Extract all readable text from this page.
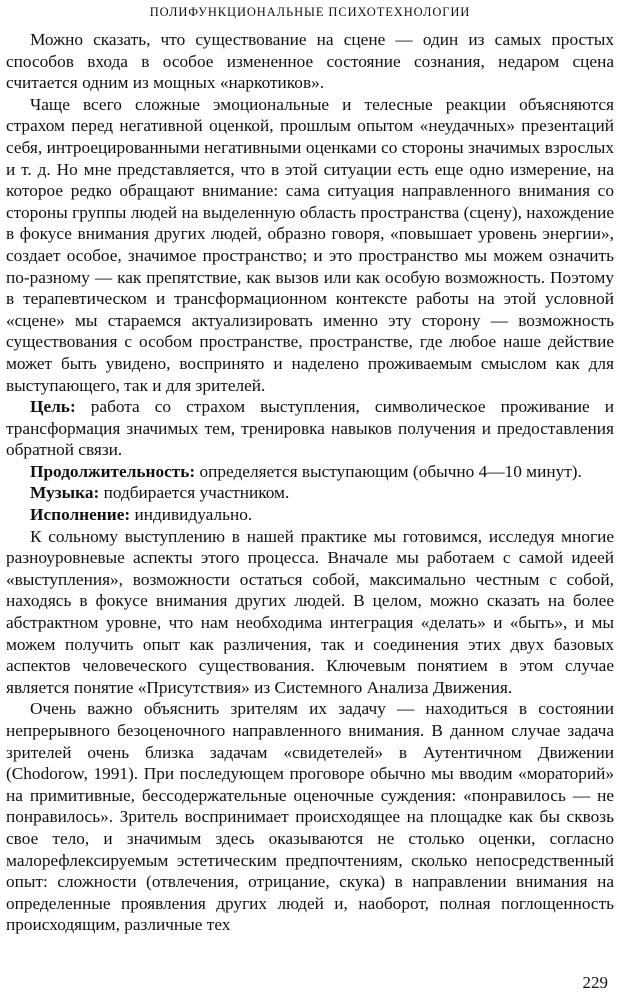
ПОЛИФУНКЦИОНАЛЬНЫЕ ПСИХОТЕХНОЛОГИИ

Можно сказать, что существование на сцене — один из самых простых способов входа в особое измененное состояние сознания, недаром сцена считается одним из мощных «наркотиков».

Чаще всего сложные эмоциональные и телесные реакции объясняются страхом перед негативной оценкой, прошлым опытом «неудачных» презентаций себя, интроецированными негативными оценками со стороны значимых взрослых и т. д. Но мне представляется, что в этой ситуации есть еще одно измерение, на которое редко обращают внимание: сама ситуация направленного внимания со стороны группы людей на выделенную область пространства (сцену), нахождение в фокусе внимания других людей, образно говоря, «повышает уровень энергии», создает особое, значимое пространство; и это пространство мы можем означить по-разному — как препятствие, как вызов или как особую возможность. Поэтому в терапевтическом и трансформационном контексте работы на этой условной «сцене» мы стараемся актуализировать именно эту сторону — возможность существования с особом пространстве, пространстве, где любое наше действие может быть увидено, воспринято и наделено проживаемым смыслом как для выступающего, так и для зрителей.

Цель: работа со страхом выступления, символическое проживание и трансформация значимых тем, тренировка навыков получения и предоставления обратной связи.

Продолжительность: определяется выступающим (обычно 4—10 минут).

Музыка: подбирается участником.

Исполнение: индивидуально.

К сольному выступлению в нашей практике мы готовимся, исследуя многие разноуровневые аспекты этого процесса. Вначале мы работаем с самой идеей «выступления», возможности остаться собой, максимально честным с собой, находясь в фокусе внимания других людей. В целом, можно сказать на более абстрактном уровне, что нам необходима интеграция «делать» и «быть», и мы можем получить опыт как различения, так и соединения этих двух базовых аспектов человеческого существования. Ключевым понятием в этом случае является понятие «Присутствия» из Системного Анализа Движения.

Очень важно объяснить зрителям их задачу — находиться в состоянии непрерывного безоценочного направленного внимания. В данном случае задача зрителей очень близка задачам «свидетелей» в Аутентичном Движении (Chodorow, 1991). При последующем проговоре обычно мы вводим «мораторий» на примитивные, бессодержательные оценочные суждения: «понравилось — не понравилось». Зритель воспринимает происходящее на площадке как бы сквозь свое тело, и значимым здесь оказываются не столько оценки, согласно малорефлексируемым эстетическим предпочтениям, сколько непосредственный опыт: сложности (отвлечения, отрицание, скука) в направлении внимания на определенные проявления других людей и, наоборот, полная поглощенность происходящим, различные тех

229
